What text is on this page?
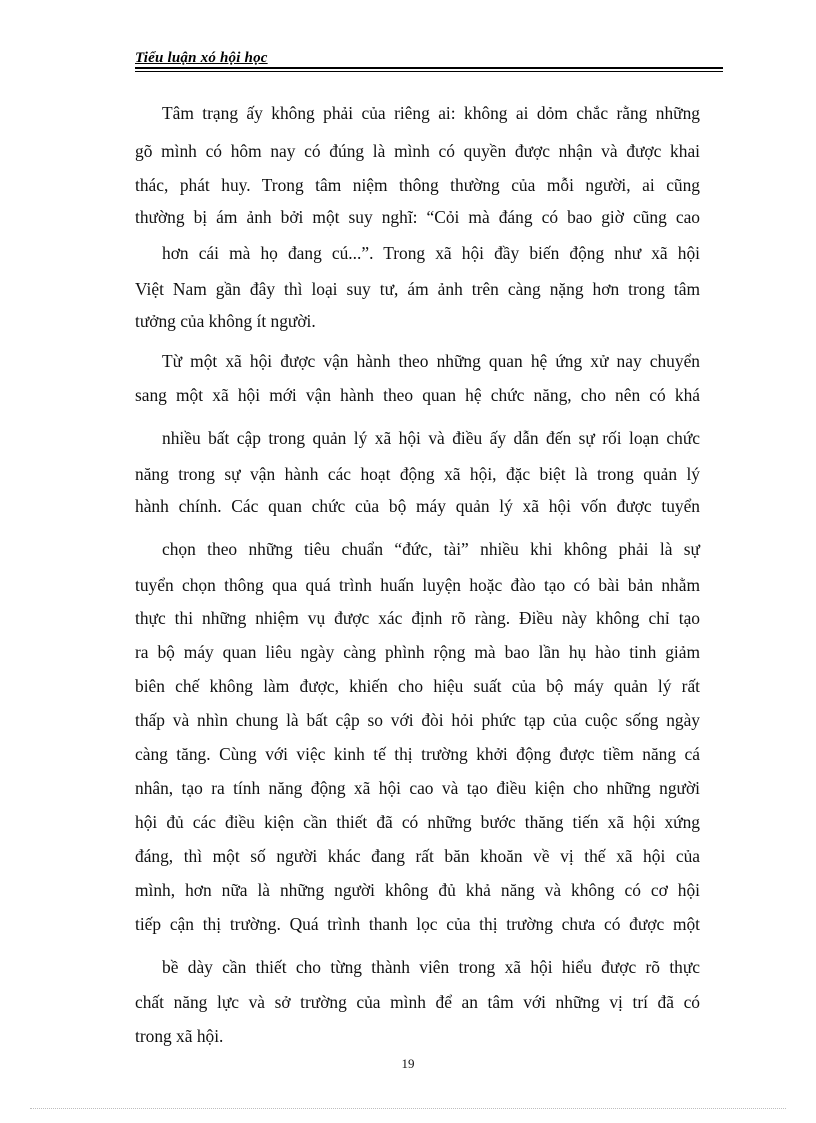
Tiểu luận xó hội học
Tâm trạng ấy không phải của riêng ai: không ai dỏm chắc rằng những
gõ mình có hôm nay có đúng là mình có quyền được nhận và được khai
thác, phát huy. Trong tâm niệm thông thường của mỗi người, ai cũng
thường bị ám ảnh bởi một suy nghĩ: “Cỏi mà đáng có bao giờ cũng cao
hơn cái mà họ đang cú...”. Trong xã hội đầy biến động như xã hội
Việt Nam gần đây thì loại suy tư, ám ảnh trên càng nặng hơn trong tâm
tưởng của không ít người.
Từ một xã hội được vận hành theo những quan hệ ứng xử nay chuyển
sang một xã hội mới vận hành theo quan hệ chức năng, cho nên có khá
nhiều bất cập trong quản lý xã hội và điều ấy dẫn đến sự rối loạn chức
năng trong sự vận hành các hoạt động xã hội, đặc biệt là trong quản lý
hành chính. Các quan chức của bộ máy quản lý xã hội vốn được tuyển
chọn theo những tiêu chuẩn “đức, tài” nhiều khi không phải là sự
tuyển chọn thông qua quá trình huấn luyện hoặc đào tạo có bài bản nhằm
thực thi những nhiệm vụ được xác định rõ ràng. Điều này không chỉ tạo
ra bộ máy quan liêu ngày càng phình rộng mà bao lần hụ hào tinh giảm
biên chế không làm được, khiến cho hiệu suất của bộ máy quản lý rất
thấp và nhìn chung là bất cập so với đòi hỏi phức tạp của cuộc sống ngày
càng tăng. Cùng với việc kinh tế thị trường khởi động được tiềm năng cá
nhân, tạo ra tính năng động xã hội cao và tạo điều kiện cho những người
hội đủ các điều kiện cần thiết đã có những bước thăng tiến xã hội xứng
đáng, thì một số người khác đang rất băn khoăn về vị thế xã hội của
mình, hơn nữa là những người không đủ khả năng và không có cơ hội
tiếp cận thị trường. Quá trình thanh lọc của thị trường chưa có được một
bề dày cần thiết cho từng thành viên trong xã hội hiểu được rõ thực
chất năng lực và sở trường của mình để an tâm với những vị trí đã có
trong xã hội.
19
